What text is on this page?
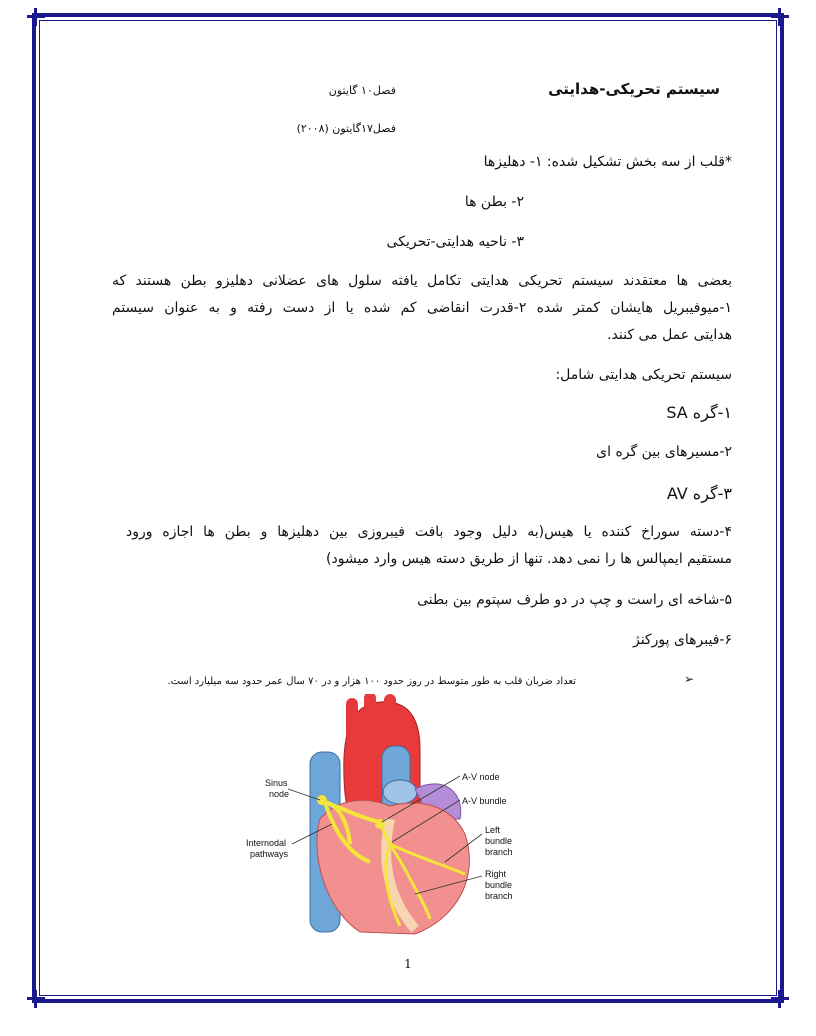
سیستم تحریکی-هدایتی
فصل۱۰ گایتون
فصل۱۷گایتون (۲۰۰۸)
*قلب از سه بخش تشکیل شده: ۱- دهلیزها
۲- بطن ها
۳- ناحیه هدایتی-تحریکی
بعضی ها معتقدند سیستم تحریکی هدایتی تکامل یافته سلول های عضلانی دهلیزو بطن هستند که
۱-میوفیبریل هایشان کمتر شده ۲-قدرت انقاضی کم شده یا از دست رفته و به عنوان سیستم
هدایتی عمل می کنند.
سیستم تحریکی هدایتی شامل:
۱-گره SA
۲-مسیرهای بین گره ای
۳-گره AV
۴-دسته سوراخ کننده یا هیس(به دلیل وجود بافت فیبروزی بین دهلیزها و بطن ها اجازه ورود
مستقیم ایمپالس ها را نمی دهد. تنها از طریق دسته هیس وارد میشود)
۵-شاخه ای راست و چپ در دو طرف سپتوم بین بطنی
۶-فیبرهای پورکنژ
➢
تعداد ضربان قلب به طور متوسط در روز حدود ۱۰۰ هزار و در ۷۰ سال عمر حدود سه میلیارد است.
Sinus
node
Internodal
pathways
A-V node
A-V bundle
Left
bundle
branch
Right
bundle
branch
1
